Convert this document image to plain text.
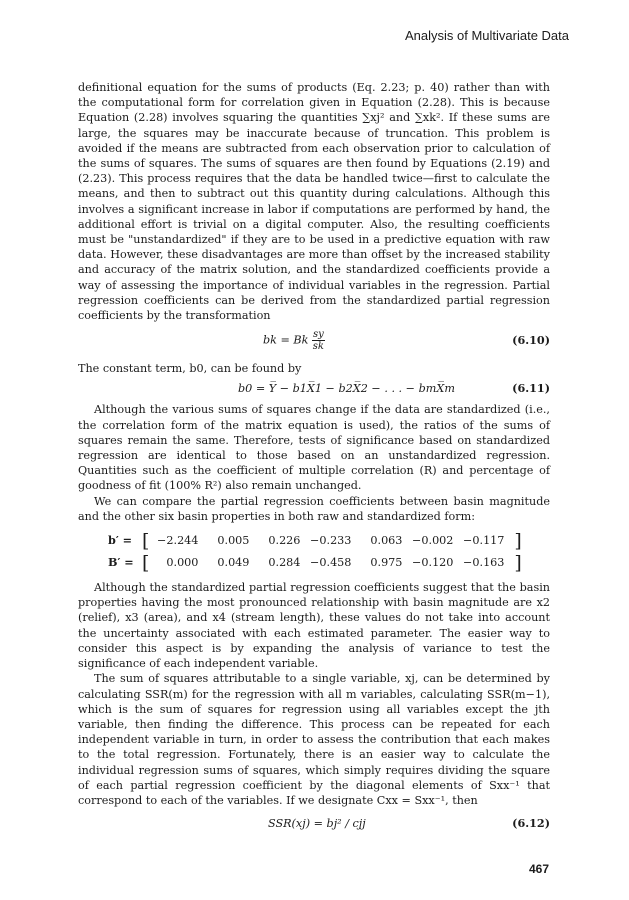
Analysis of Multivariate Data

definitional equation for the sums of products (Eq. 2.23; p. 40) rather than with the computational form for correlation given in Equation (2.28). This is because Equation (2.28) involves squaring the quantities ∑xj² and ∑xk². If these sums are large, the squares may be inaccurate because of truncation. This problem is avoided if the means are subtracted from each observation prior to calculation of the sums of squares. The sums of squares are then found by Equations (2.19) and (2.23). This process requires that the data be handled twice—first to calculate the means, and then to subtract out this quantity during calculations. Although this involves a significant increase in labor if computations are performed by hand, the additional effort is trivial on a digital computer. Also, the resulting coefficients must be "unstandardized" if they are to be used in a predictive equation with raw data. However, these disadvantages are more than offset by the increased stability and accuracy of the matrix solution, and the standardized coefficients provide a way of assessing the importance of individual variables in the regression. Partial regression coefficients can be derived from the standardized partial regression coefficients by the transformation

bk = Bk $\frac{sy}{sk}$	(6.10)

The constant term, b0, can be found by

b0 = Y̅ − b1X̅1 − b2X̅2 − . . . − bmX̅m	(6.11)

Although the various sums of squares change if the data are standardized (i.e., the correlation form of the matrix equation is used), the ratios of the sums of squares remain the same. Therefore, tests of significance based on standardized regression are identical to those based on an unstandardized regression. Quantities such as the coefficient of multiple correlation (R) and percentage of goodness of fit (100% R²) also remain unchanged.

We can compare the partial regression coefficients between basin magnitude and the other six basin properties in both raw and standardized form:

b′ = [ −2.244	0.005	0.226 −0.233	0.063 −0.002 −0.117 ]
B′ = [	0.000	0.049	0.284 −0.458	0.975 −0.120 −0.163 ]

Although the standardized partial regression coefficients suggest that the basin properties having the most pronounced relationship with basin magnitude are x2 (relief), x3 (area), and x4 (stream length), these values do not take into account the uncertainty associated with each estimated parameter. The easier way to consider this aspect is by expanding the analysis of variance to test the significance of each independent variable.

The sum of squares attributable to a single variable, xj, can be determined by calculating SSR(m) for the regression with all m variables, calculating SSR(m−1), which is the sum of squares for regression using all variables except the jth variable, then finding the difference. This process can be repeated for each independent variable in turn, in order to assess the contribution that each makes to the total regression. Fortunately, there is an easier way to calculate the individual regression sums of squares, which simply requires dividing the square of each partial regression coefficient by the diagonal elements of Sxx⁻¹ that correspond to each of the variables. If we designate Cxx = Sxx⁻¹, then

SSR(xj) = bj² / cjj	(6.12)
467
